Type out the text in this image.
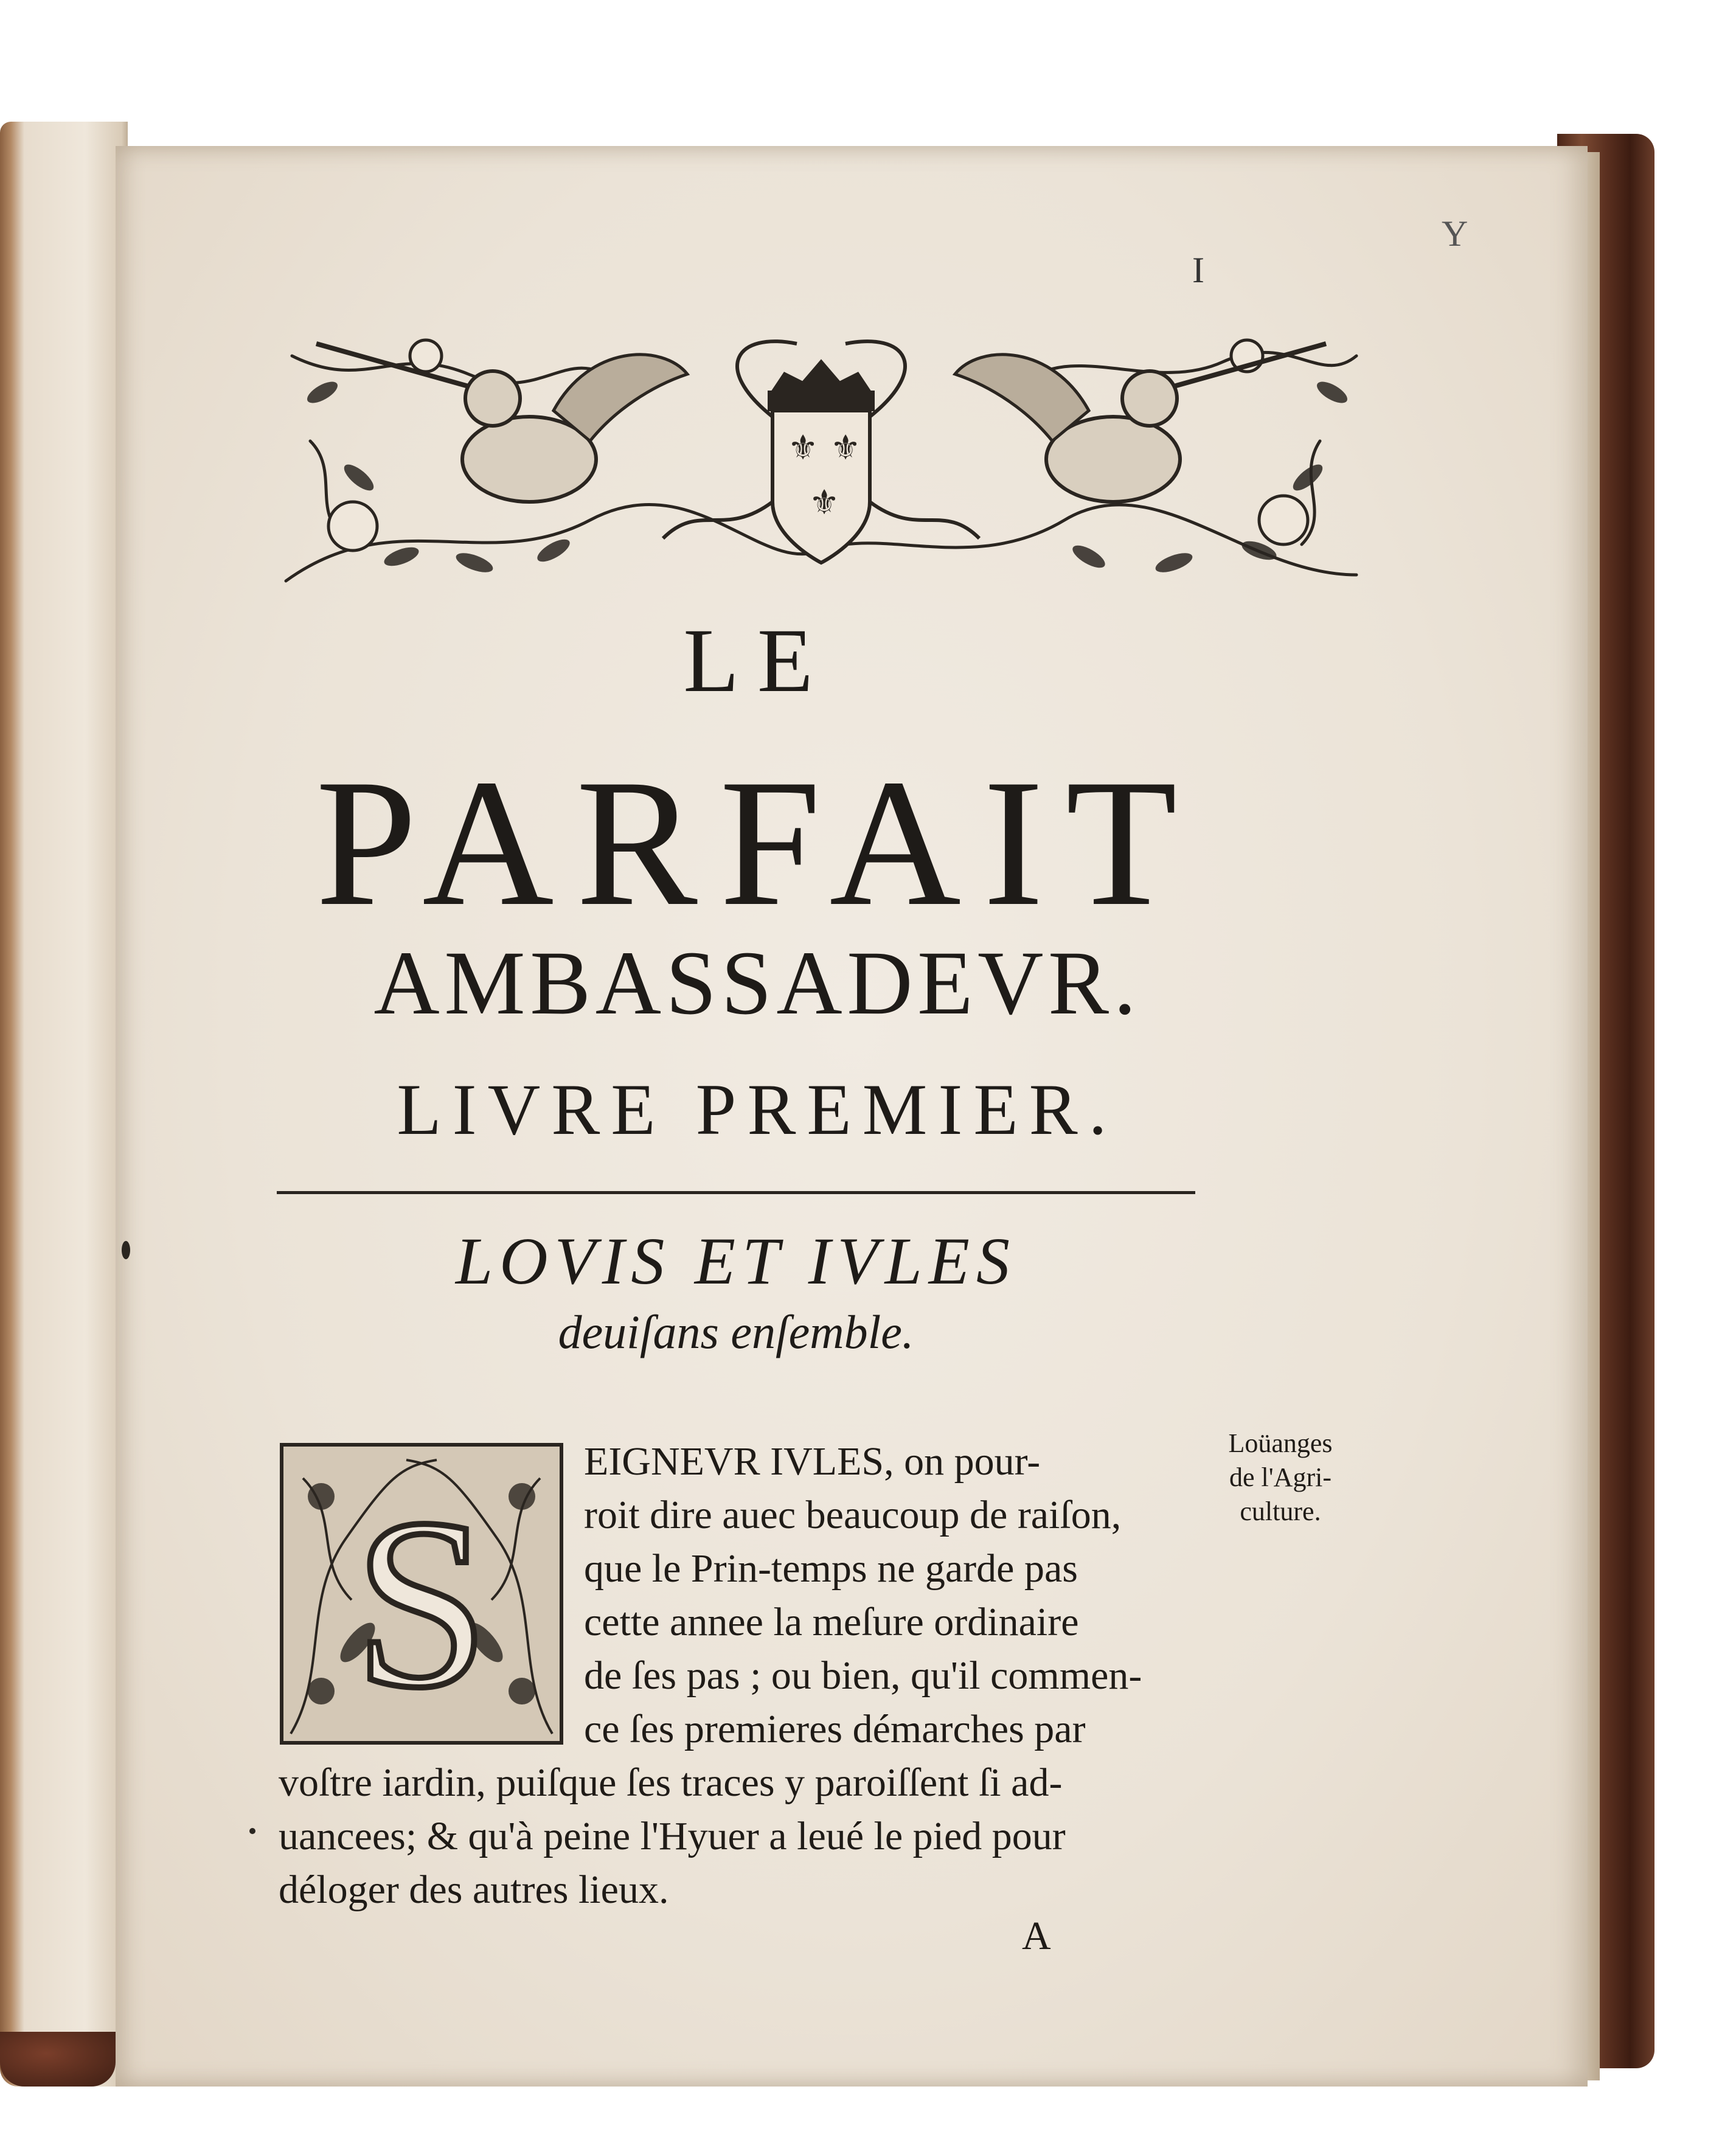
Y
I
⚜ ⚜
⚜
LE
PARFAIT
AMBASSADEVR.
LIVRE PREMIER.
LOVIS ET IVLES
deuiſans enſemble.
S
EIGNEVR IVLES, on pour-
roit dire auec beaucoup de raiſon,
que le Prin-temps ne garde pas
cette annee la meſure ordinaire
de ſes pas ; ou bien, qu'il commen-
ce ſes premieres démarches par
voſtre iardin, puiſque ſes traces y paroiſſent ſi ad-
uancees; & qu'à peine l'Hyuer a leué le pied pour
déloger des autres lieux.
Loüanges
de l'Agri-
culture.
A
